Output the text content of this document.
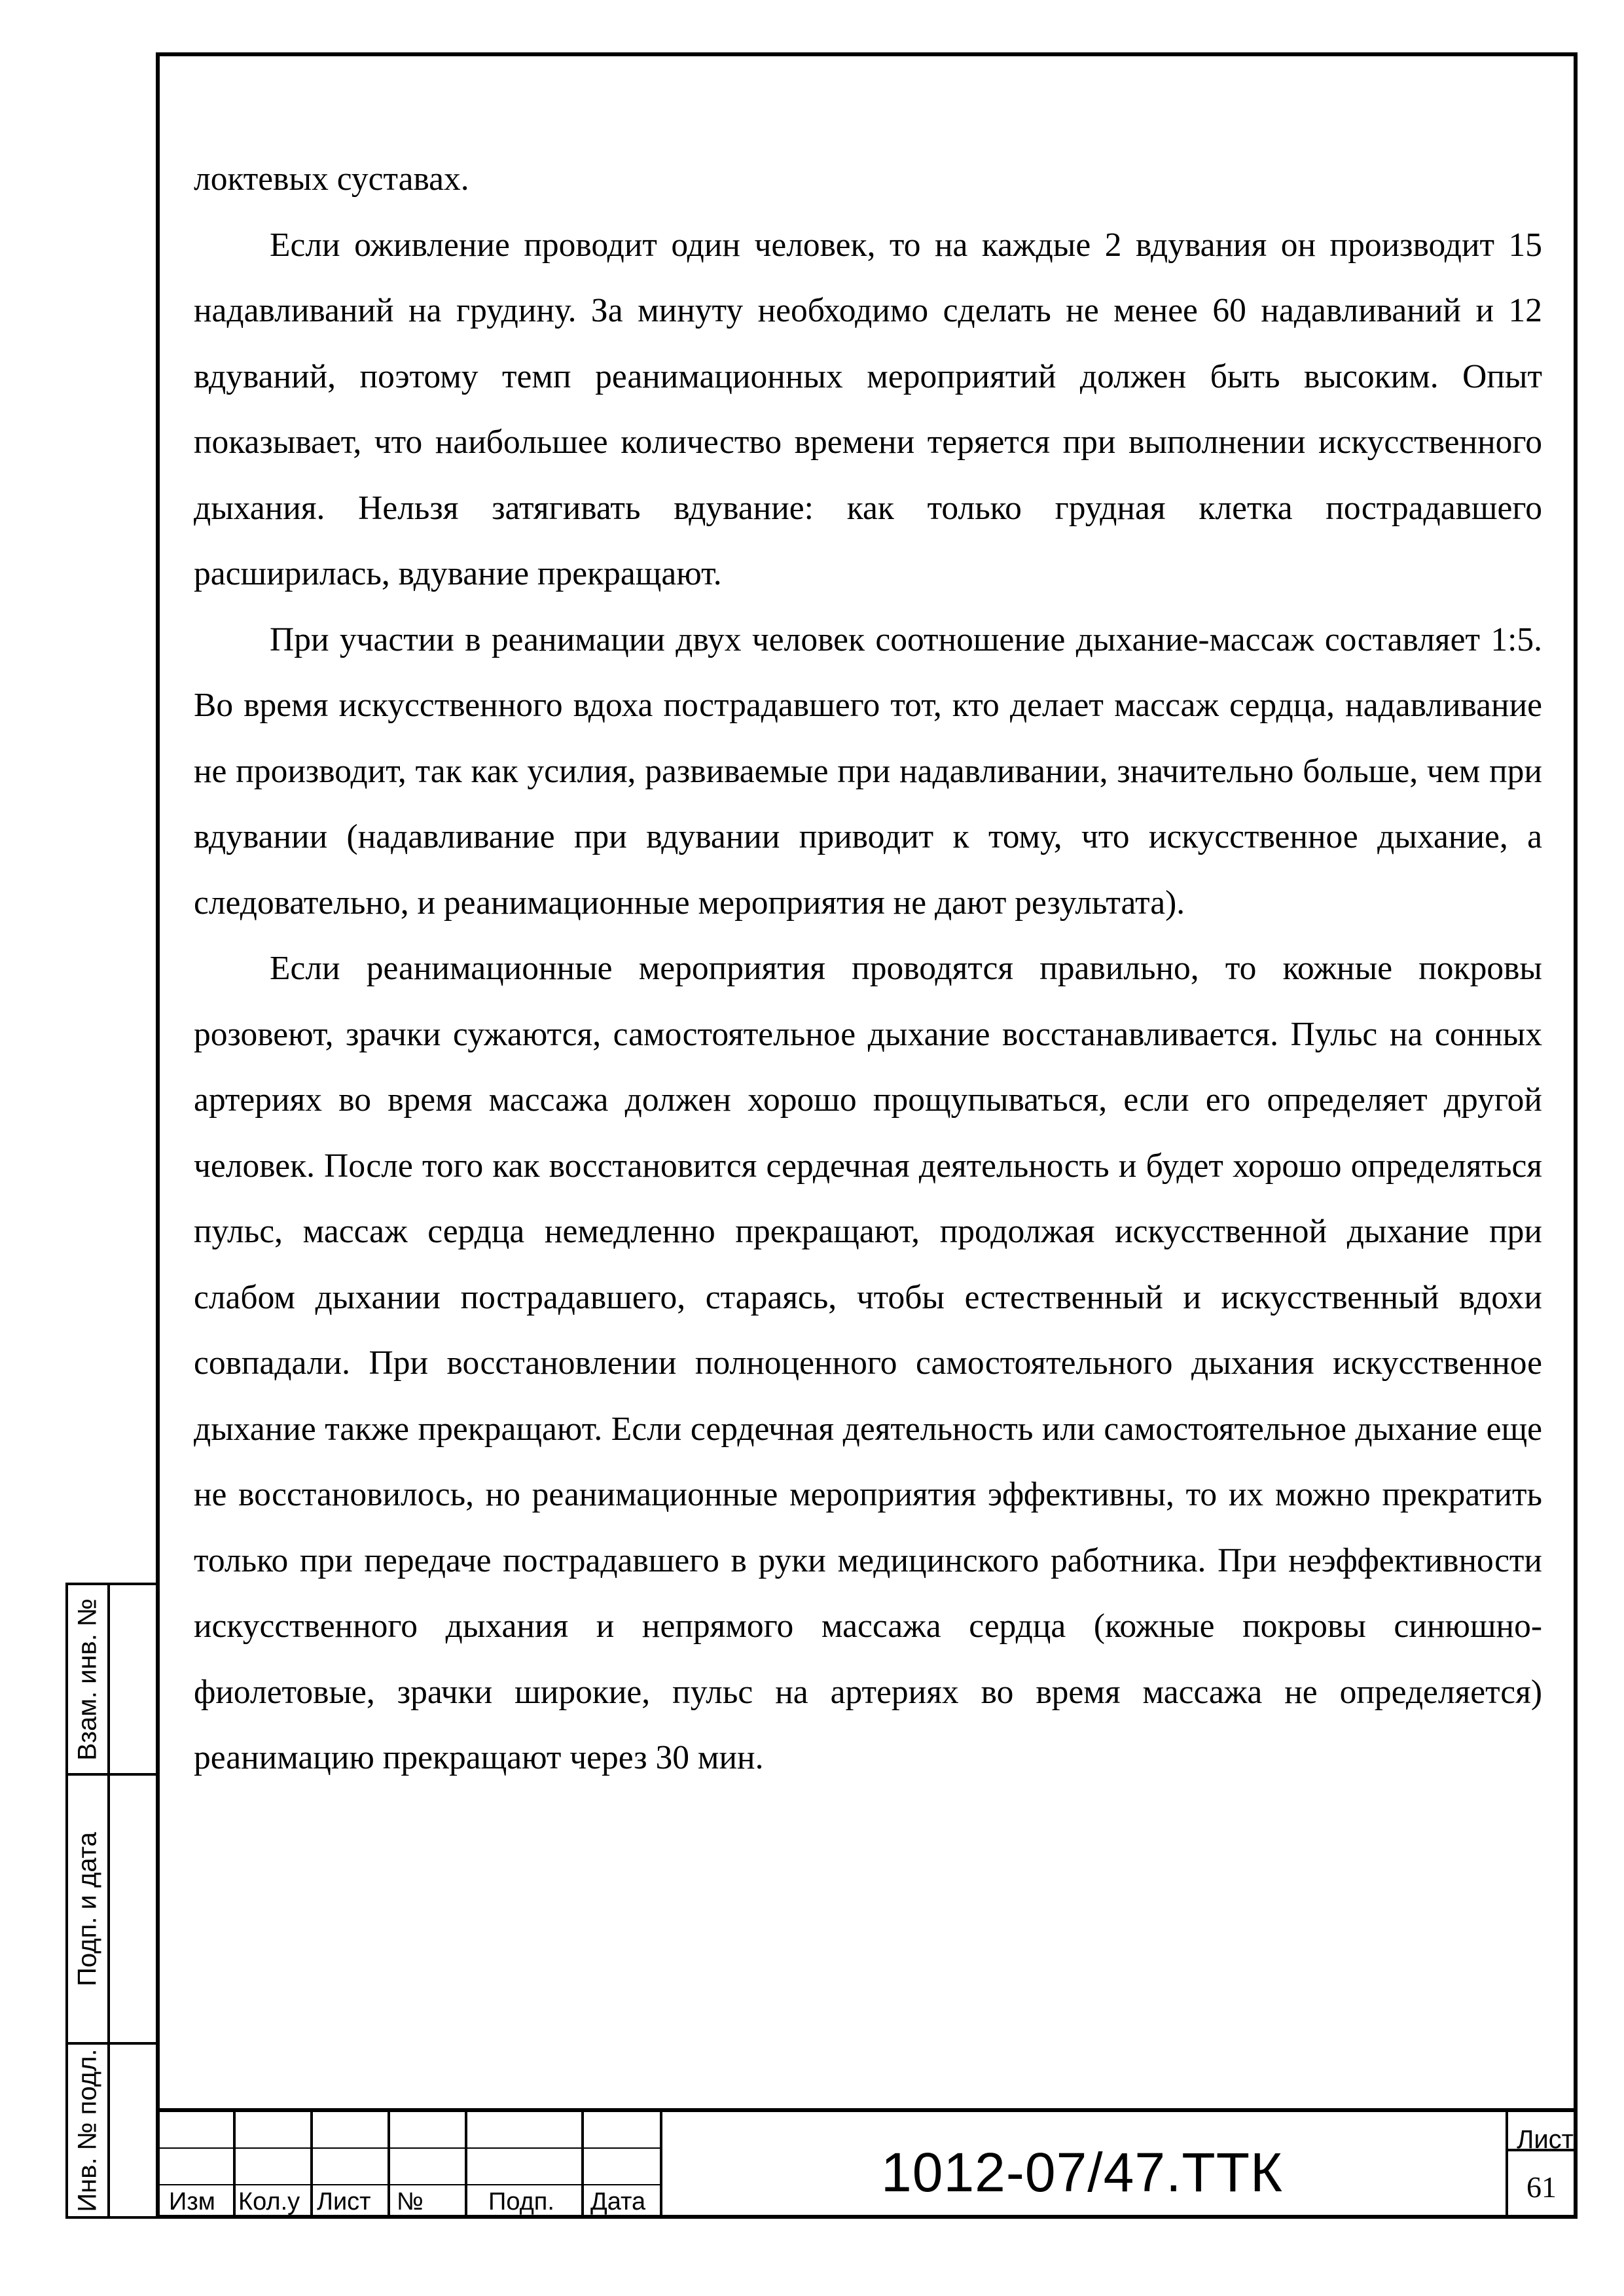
локтевых суставах.

Если оживление проводит один человек, то на каждые 2 вдувания он производит 15 надавливаний на грудину. За минуту необходимо сделать не менее 60 надавливаний и 12 вдуваний, поэтому темп реанимационных мероприятий должен быть высоким. Опыт показывает, что наибольшее количество времени теряется при выполнении искусственного дыхания. Нельзя затягивать вдувание: как только грудная клетка пострадавшего расширилась, вдувание прекращают.

При участии в реанимации двух человек соотношение дыхание-массаж составляет 1:5. Во время искусственного вдоха пострадавшего тот, кто делает массаж сердца, надавливание не производит, так как усилия, развиваемые при надавливании, значительно больше, чем при вдувании (надавливание при вдувании приводит к тому, что искусственное дыхание, а следовательно, и реанимационные мероприятия не дают результата).

Если реанимационные мероприятия проводятся правильно, то кожные покровы розовеют, зрачки сужаются, самостоятельное дыхание восстанавливается. Пульс на сонных артериях во время массажа должен хорошо прощупываться, если его определяет другой человек. После того как восстановится сердечная деятельность и будет хорошо определяться пульс, массаж сердца немедленно прекращают, продолжая искусственной дыхание при слабом дыхании пострадавшего, стараясь, чтобы естественный и искусственный вдохи совпадали. При восстановлении полноценного самостоятельного дыхания искусственное дыхание также прекращают. Если сердечная деятельность или самостоятельное дыхание еще не восстановилось, но реанимационные мероприятия эффективны, то их можно прекратить только при передаче пострадавшего в руки медицинского работника. При неэффективности искусственного дыхания и непрямого массажа сердца (кожные покровы синюшно-фиолетовые, зрачки широкие, пульс на артериях во время массажа не определяется) реанимацию прекращают через 30 мин.

Взам. инв. №
Подп. и дата
Инв. № подл.	Изм Кол.у Лист №	Подп. Дата	1012-07/47.ТТК
Лист
61
